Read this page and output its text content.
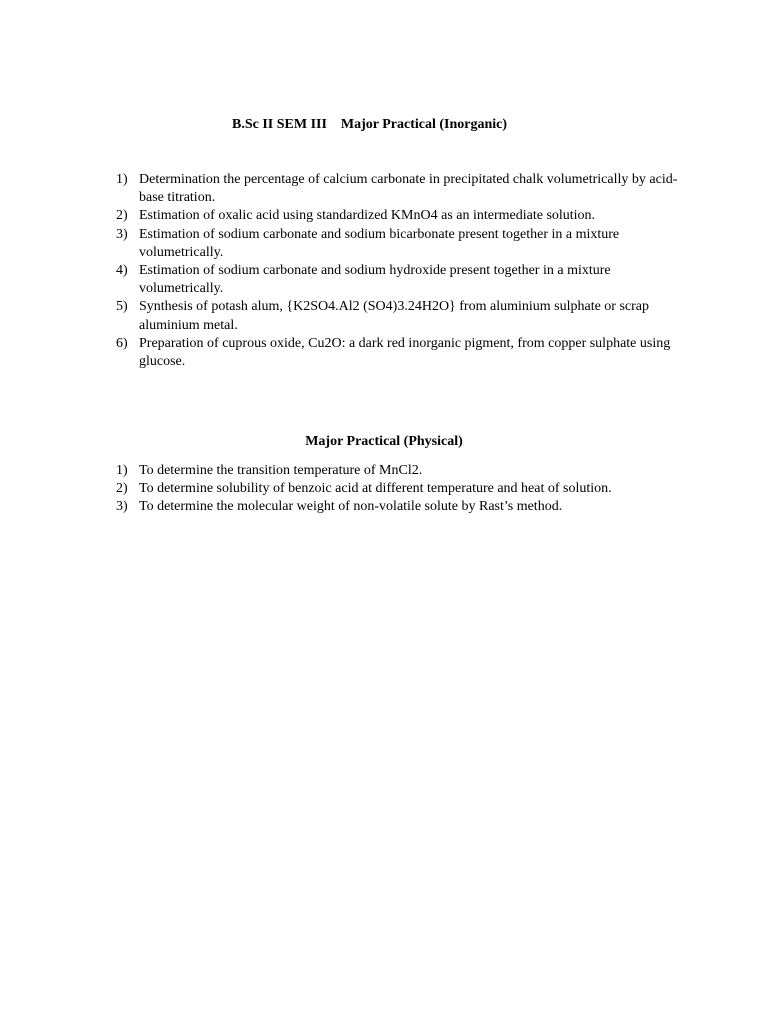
B.Sc II SEM III    Major Practical (Inorganic)
1) Determination the percentage of calcium carbonate in precipitated chalk volumetrically by acid-base titration.
2) Estimation of oxalic acid using standardized KMnO4 as an intermediate solution.
3) Estimation of sodium carbonate and sodium bicarbonate present together in a mixture volumetrically.
4) Estimation of sodium carbonate and sodium hydroxide present together in a mixture volumetrically.
5) Synthesis of potash alum, {K2SO4.Al2 (SO4)3.24H2O} from aluminium sulphate or scrap aluminium metal.
6) Preparation of cuprous oxide, Cu2O: a dark red inorganic pigment, from copper sulphate using glucose.
Major Practical (Physical)
1) To determine the transition temperature of MnCl2.
2) To determine solubility of benzoic acid at different temperature and heat of solution.
3) To determine the molecular weight of non-volatile solute by Rast’s method.
